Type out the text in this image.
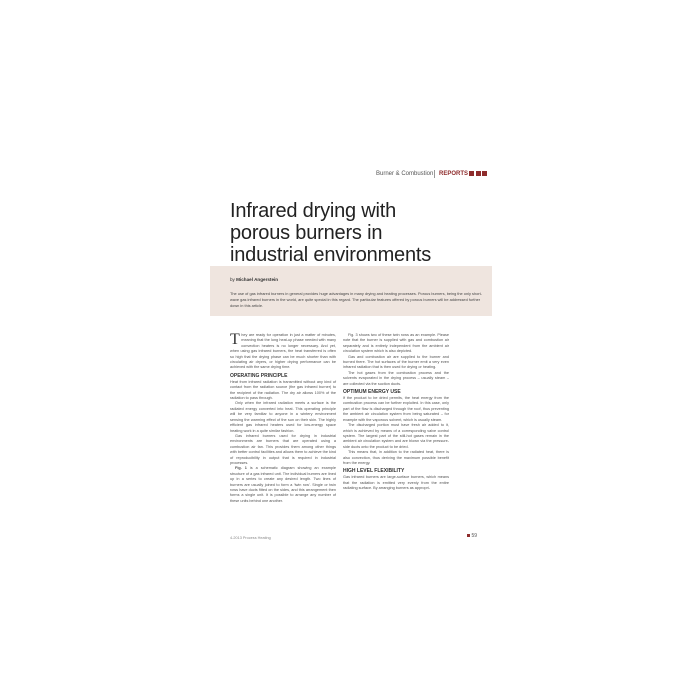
Burner & Combustion REPORTS
Infrared drying with porous burners in industrial environments
by Michael Angerstein
The use of gas infrared burners in general provides huge advantages in many drying and heating processes. Porous burners, being the only short-wave gas infrared burners in the world, are quite special in this regard. The particular features offered by porous burners will be addressed further down in this article.

They are ready for operation in just a matter of minutes, meaning that the long heat-up phase needed with many convection heaters is no longer necessary. And yet, when using gas infrared burners, the heat transferred is often so high that the drying phase can be much shorter than with circulating air dryers, or higher drying performance can be achieved with the same drying time.

OPERATING PRINCIPLE

Heat from infrared radiation is transmitted without any kind of contact from the radiation source (the gas infrared burner) to the recipient of the radiation. The dry air allows 100% of the radiation to pass through.

Only when the infrared radiation meets a surface is the radiated energy converted into heat. This operating principle will be very familiar to anyone in a wintery environment sensing the warming effect of the sun on their skin. The highly efficient gas infrared heaters used for low-energy space heating work in a quite similar fashion.

Gas infrared burners used for drying in industrial environments are burners that are operated using a combustion air fan. This provides them among other things with better control facilities and allows them to achieve the kind of reproducibility in output that is required in industrial processes.

Fig. 1 is a schematic diagram showing an example structure of a gas infrared unit. The individual burners are lined up in a series to create any desired length. Two lines of burners are usually joined to form a 'twin row'. Single or twin rows have ducts fitted on the sides, and this arrangement then forms a single unit. It is possible to arrange any number of these units behind one another.

Fig. 3 shows two of these twin rows as an example. Please note that the burner is supplied with gas and combustion air separately and is entirely independent from the ambient air circulation system which is also depicted.

Gas and combustion air are supplied to the burner and burned there. The hot surfaces of the burner emit a very even infrared radiation that is then used for drying or heating.

The hot gases from the combustion process and the solvents evaporated in the drying process – usually steam – are collected via the suction ducts.

OPTIMUM ENERGY USE

If the product to be dried permits, the heat energy from the combustion process can be further exploited. In this case, only part of the flow is discharged through the roof, thus preventing the ambient air circulation system from being saturated – for example with the vaporous solvent, which is usually steam.

The discharged portion must have fresh air added to it, which is achieved by means of a corresponding valve control system. The largest part of the still-hot gases remain in the ambient air circulation system and are blown via the pressure-side ducts onto the product to be dried.

This means that, in addition to the radiated heat, there is also convection, thus deriving the maximum possible benefit from the energy.

HIGH LEVEL FLEXIBILITY

Gas infrared burners are large-surface burners, which means that the radiation is emitted very evenly from the entire radiating surface. By arranging burners as appropri-

4-2013 Process Heating	59
